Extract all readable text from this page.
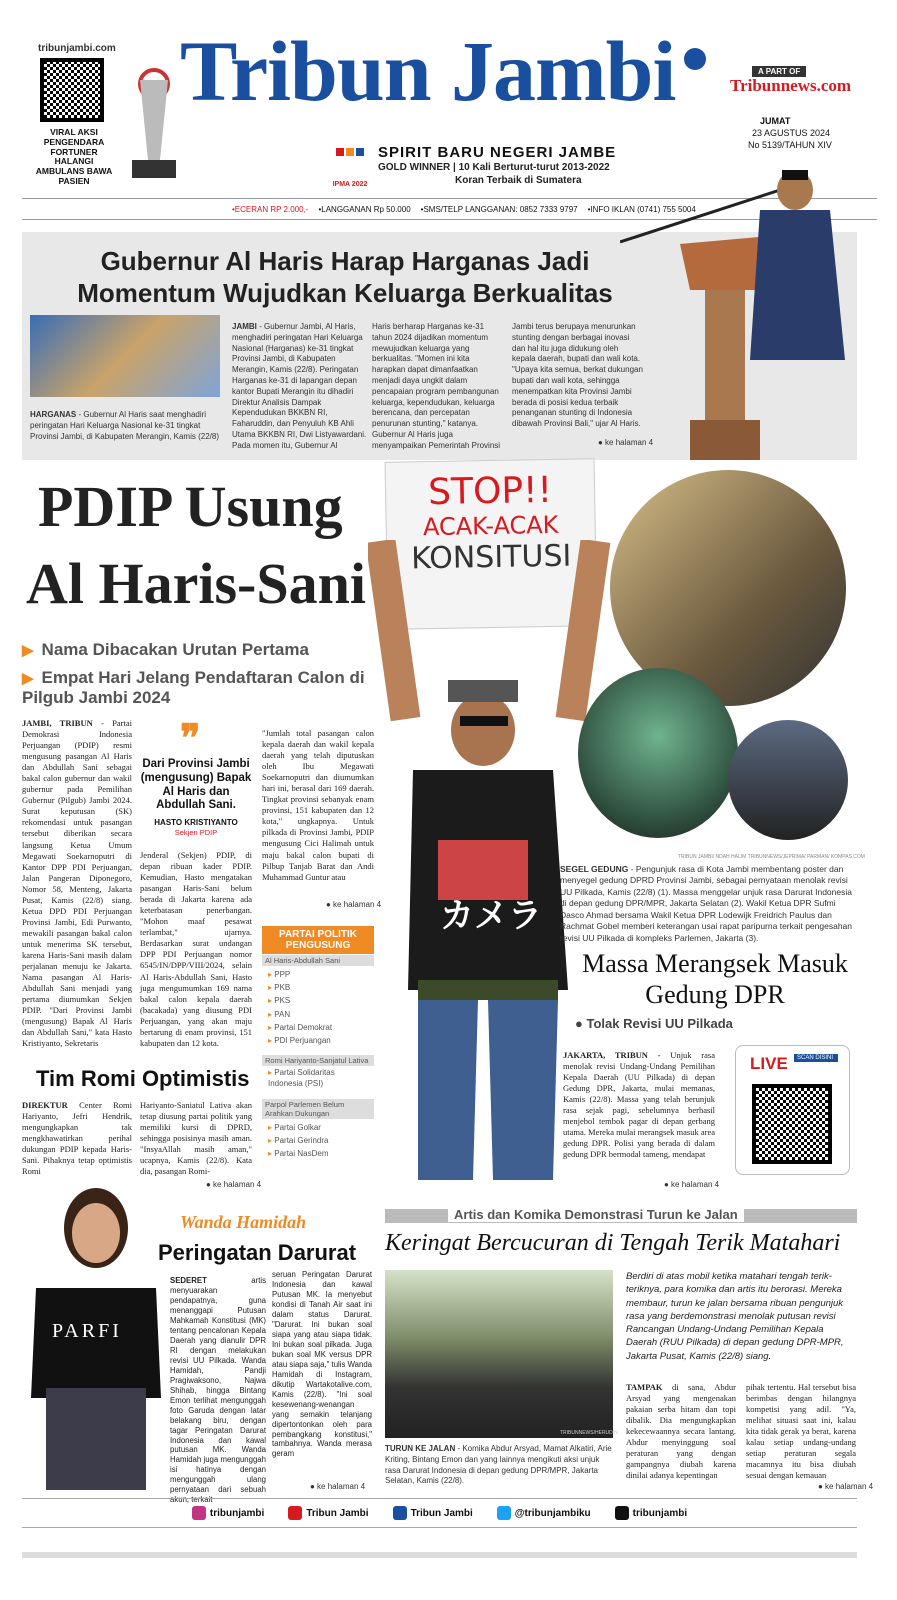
tribunjambi.com
VIRAL AKSI PENGENDARA FORTUNER HALANGI AMBULANS BAWA PASIEN
Tribun Jambi
IPMA 2022
SPIRIT BARU NEGERI JAMBE
GOLD WINNER | 10 Kali Berturut-turut 2013-2022
Koran Terbaik di Sumatera
A PART OF
Tribunnews.com
JUMAT
23 AGUSTUS 2024
No 5139/TAHUN XIV
•ECERAN RP 2.000,- •LANGGANAN Rp 50.000 •SMS/TELP LANGGANAN: 0852 7333 9797 •INFO IKLAN (0741) 755 5004
Gubernur Al Haris Harap Harganas Jadi Momentum Wujudkan Keluarga Berkualitas
HARGANAS - Gubernur Al Haris saat menghadiri peringatan Hari Keluarga Nasional ke-31 tingkat Provinsi Jambi, di Kabupaten Merangin, Kamis (22/8)
JAMBI - Gubernur Jambi, Al Haris, menghadiri peringatan Hari Keluarga Nasional (Harganas) ke-31 tingkat Provinsi Jambi, di Kabupaten Merangin, Kamis (22/8). Peringatan Harganas ke-31 di lapangan depan kantor Bupati Merangin itu dihadiri Direktur Analisis Dampak Kependudukan BKKBN RI, Faharuddin, dan Penyuluh KB Ahli Utama BKKBN RI, Dwi Listyawardani. Pada momen itu, Gubernur Al
Haris berharap Harganas ke-31 tahun 2024 dijadikan momentum mewujudkan keluarga yang berkualitas. "Momen ini kita harapkan dapat dimanfaatkan menjadi daya ungkit dalam pencapaian program pembangunan keluarga, kependudukan, keluarga berencana, dan percepatan penurunan stunting," katanya. Gubernur Al Haris juga menyampaikan Pemerintah Provinsi
Jambi terus berupaya menurunkan stunting dengan berbagai inovasi dan hal itu juga didukung oleh kepala daerah, bupati dan wali kota. "Upaya kita semua, berkat dukungan bupati dan wali kota, sehingga menempatkan kita Provinsi Jambi berada di posisi kedua terbaik penanganan stunting di Indonesia dibawah Provinsi Bali," ujar Al Haris.
● ke halaman 4
PDIP Usung
Al Haris-Sani
▶ Nama Dibacakan Urutan Pertama
▶ Empat Hari Jelang Pendaftaran Calon di Pilgub Jambi 2024
JAMBI, TRIBUN - Partai Demokrasi Indonesia Perjuangan (PDIP) resmi mengusung pasangan Al Haris dan Abdullah Sani sebagai bakal calon gubernur dan wakil gubernur pada Pemilihan Gubernur (Pilgub) Jambi 2024. Surat keputusan (SK) rekomendasi untuk pasangan tersebut diberikan secara langsung Ketua Umum Megawati Soekarnoputri di Kantor DPP PDI Perjuangan, Jalan Pangeran Diponegoro, Nomor 58, Menteng, Jakarta Pusat, Kamis (22/8) siang. Ketua DPD PDI Perjuangan Provinsi Jambi, Edi Purwanto, mewakili pasangan bakal calon untuk menerima SK tersebut, karena Haris-Sani masih dalam perjalanan menuju ke Jakarta. Nama pasangan Al Haris-Abdullah Sani menjadi yang pertama diumumkan Sekjen PDIP. "Dari Provinsi Jambi (mengusung) Bapak Al Haris dan Abdullah Sani," kata Hasto Kristiyanto, Sekretaris
❞
Dari Provinsi Jambi (mengusung) Bapak Al Haris dan Abdullah Sani.
HASTO KRISTIYANTO
Sekjen PDIP
Jenderal (Sekjen) PDIP, di depan ribuan kader PDIP. Kemudian, Hasto mengatakan pasangan Haris-Sani belum berada di Jakarta karena ada keterbatasan penerbangan. "Mohon maaf pesawat terlambat," ujarnya. Berdasarkan surat undangan DPP PDI Perjuangan nomor 6545/IN/DPP/VIII/2024, selain Al Haris-Abdullah Sani, Hasto juga mengumumkan 169 nama bakal calon kepala daerah (bacakada) yang diusung PDI Perjuangan, yang akan maju bertarung di enam provinsi, 151 kabupaten dan 12 kota.
"Jumlah total pasangan calon kepala daerah dan wakil kepala daerah yang telah diputuskan oleh Ibu Megawati Soekarnoputri dan diumumkan hari ini, berasal dari 169 daerah. Tingkat provinsi sebanyak enam provinsi, 151 kabupaten dan 12 kota," ungkapnya. Untuk pilkada di Provinsi Jambi, PDIP mengusung Cici Halimah untuk maju bakal calon bupati di Pilbup Tanjab Barat dan Andi Muhammad Guntur atau
● ke halaman 4
PARTAI POLITIK PENGUSUNG
Al Haris-Abdullah Sani
▸ PPP
▸ PKB
▸ PKS
▸ PAN
▸ Partai Demokrat
▸ PDI Perjuangan
Romi Hariyanto-Sanjatul Lativa
▸ Partai Solidaritas Indonesia (PSI)
Parpol Parlemen Belum Arahkan Dukungan
▸ Partai Golkar
▸ Partai Gerindra
▸ Partai NasDem
Tim Romi Optimistis
DIREKTUR Center Romi Hariyanto, Jefri Hendrik, mengungkapkan tak mengkhawatirkan perihal dukungan PDIP kepada Haris-Sani. Pihaknya tetap optimistis Romi
Hariyanto-Saniatul Lativa akan tetap diusung partai politik yang memiliki kursi di DPRD, sehingga posisinya masih aman. "InsyaAllah masih aman," ucapnya, Kamis (22/8). Kata dia, pasangan Romi-
● ke halaman 4
STOP!!
ACAK-ACAK
KONSITUSI
カメラ
TRIBUN JAMBI/ NDAH HALIM TRIBUNNEWS/JEPRIMA/ PARMAN/ KOMPAS.COM
SEGEL GEDUNG - Pengunjuk rasa di Kota Jambi membentang poster dan menyegel gedung DPRD Provinsi Jambi, sebagai pernyataan menolak revisi UU Pilkada, Kamis (22/8) (1). Massa menggelar unjuk rasa Darurat Indonesia di depan gedung DPR/MPR, Jakarta Selatan (2). Wakil Ketua DPR Sufmi Dasco Ahmad bersama Wakil Ketua DPR Lodewijk Freidrich Paulus dan Rachmat Gobel memberi keterangan usai rapat paripurna terkait pengesahan revisi UU Pilkada di kompleks Parlemen, Jakarta (3).
Massa Merangsek Masuk Gedung DPR
● Tolak Revisi UU Pilkada
JAKARTA, TRIBUN - Unjuk rasa menolak revisi Undang-Undang Pemilihan Kepala Daerah (UU Pilkada) di depan Gedung DPR, Jakarta, mulai memanas, Kamis (22/8). Massa yang telah berunjuk rasa sejak pagi, sebelumnya berhasil menjebol tembok pagar di depan gerbang utama. Mereka mulai merangsek masuk area gedung DPR. Polisi yang berada di dalam gedung DPR bermodal tameng, mendapat
● ke halaman 4
LIVE	SCAN DISINI
PARFI
Wanda Hamidah
Peringatan Darurat
SEDERET artis menyuarakan pendapatnya, guna menanggapi Putusan Mahkamah Konstitusi (MK) tentang pencalonan Kepala Daerah yang dianulir DPR RI dengan melakukan revisi UU Pilkada. Wanda Hamidah, Pandji Pragiwaksono, Najwa Shihab, hingga Bintang Emon terlihat mengunggah foto Garuda dengan latar belakang biru, dengan tagar Peringatan Darurat Indonesia dan kawal putusan MK. Wanda Hamidah juga mengunggah isi hatinya dengan mengunggah ulang pernyataan dari sebuah akun, terkait
seruan Peringatan Darurat Indonesia dan kawal Putusan MK. Ia menyebut kondisi di Tanah Air saat ini dalam status Darurat. "Darurat. Ini bukan soal siapa yang atau siapa tidak. Ini bukan soal pilkada. Juga bukan soal MK versus DPR atau siapa saja," tulis Wanda Hamidah di Instagram, dikutip Wartakotalive.com, Kamis (22/8). "Ini soal kesewenang-wenangan yang semakin telanjang dipertontonkan oleh para pembangkang konstitusi," tambahnya. Wanda merasa geram
● ke halaman 4
Artis dan Komika Demonstrasi Turun ke Jalan
Keringat Bercucuran di Tengah Terik Matahari
TRIBUNNEWS/HERUDIN
TURUN KE JALAN - Komika Abdur Arsyad, Mamat Alkatiri, Arie Kriting, Bintang Emon dan yang lainnya mengikuti aksi unjuk rasa Darurat Indonesia di depan gedung DPR/MPR, Jakarta Selatan, Kamis (22/8).
Berdiri di atas mobil ketika matahari tengah terik-teriknya, para komika dan artis itu berorasi. Mereka membaur, turun ke jalan bersama ribuan pengunjuk rasa yang berdemonstrasi menolak putusan revisi Rancangan Undang-Undang Pemilihan Kepala Daerah (RUU Pilkada) di depan gedung DPR-MPR, Jakarta Pusat, Kamis (22/8) siang.
TAMPAK di sana, Abdur Arsyad yang mengenakan pakaian serba hitam dan topi dibalik. Dia mengungkapkan kekecewaannya secara lantang. Abdur menyinggung soal peraturan yang dengan gampangnya diubah karena dinilai adanya kepentingan
pihak tertentu. Hal tersebut bisa berimbas dengan hilangnya kompetisi yang adil. "Ya, melihat situasi saat ini, kalau kita tidak gerak ya berat, karena kalau setiap undang-undang setiap peraturan segala macamnya itu bisa diubah sesuai dengan kemauan
● ke halaman 4
tribunjambi	Tribun Jambi	Tribun Jambi	@tribunjambiku	tribunjambi
